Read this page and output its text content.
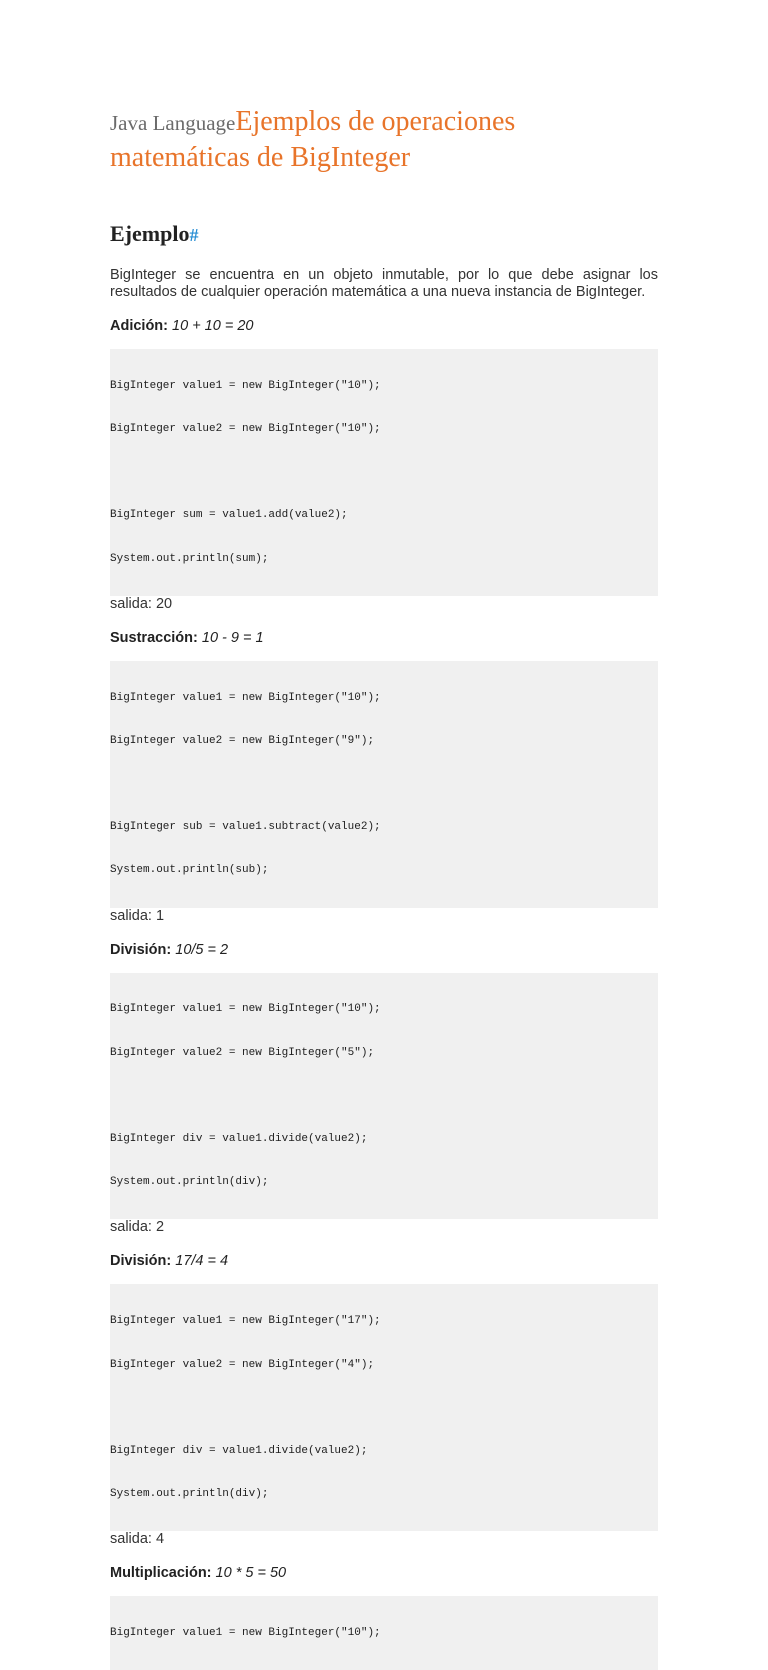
Java LanguageEjemplos de operaciones
matemáticas de BigInteger

Ejemplo#

BigInteger se encuentra en un objeto inmutable, por lo que debe asignar los resultados de cualquier operación matemática a una nueva instancia de BigInteger.

Adición: 10 + 10 = 20

BigInteger value1 = new BigInteger("10");

BigInteger value2 = new BigInteger("10");

BigInteger sum = value1.add(value2);

System.out.println(sum);

salida: 20

Sustracción: 10 - 9 = 1

BigInteger value1 = new BigInteger("10");

BigInteger value2 = new BigInteger("9");

BigInteger sub = value1.subtract(value2);

System.out.println(sub);

salida: 1

División: 10/5 = 2

BigInteger value1 = new BigInteger("10");

BigInteger value2 = new BigInteger("5");

BigInteger div = value1.divide(value2);

System.out.println(div);

salida: 2

División: 17/4 = 4

BigInteger value1 = new BigInteger("17");

BigInteger value2 = new BigInteger("4");

BigInteger div = value1.divide(value2);

System.out.println(div);

salida: 4

Multiplicación: 10 * 5 = 50

BigInteger value1 = new BigInteger("10");
